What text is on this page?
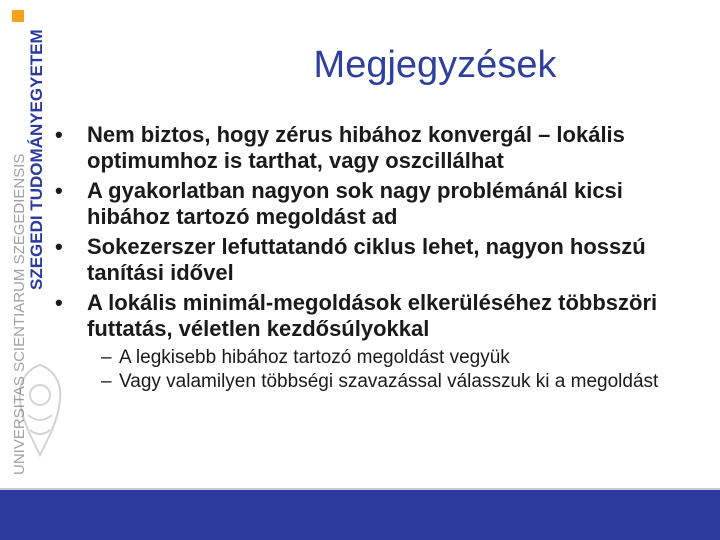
SZEGEDI TUDOMÁNYEGYETEM
UNIVERSITAS SCIENTIARUM SZEGEDIENSIS
Megjegyzések
•	Nem biztos, hogy zérus hibához konvergál – lokális optimumhoz is tarthat, vagy oszcillálhat
•	A gyakorlatban nagyon sok nagy problémánál kicsi hibához tartozó megoldást ad
•	Sokezerszer lefuttatandó ciklus lehet, nagyon hosszú tanítási idővel
•	A lokális minimál-megoldások elkerüléséhez többszöri futtatás, véletlen kezdősúlyokkal
– A legkisebb hibához tartozó megoldást vegyük
– Vagy valamilyen többségi szavazással válasszuk ki a megoldást
